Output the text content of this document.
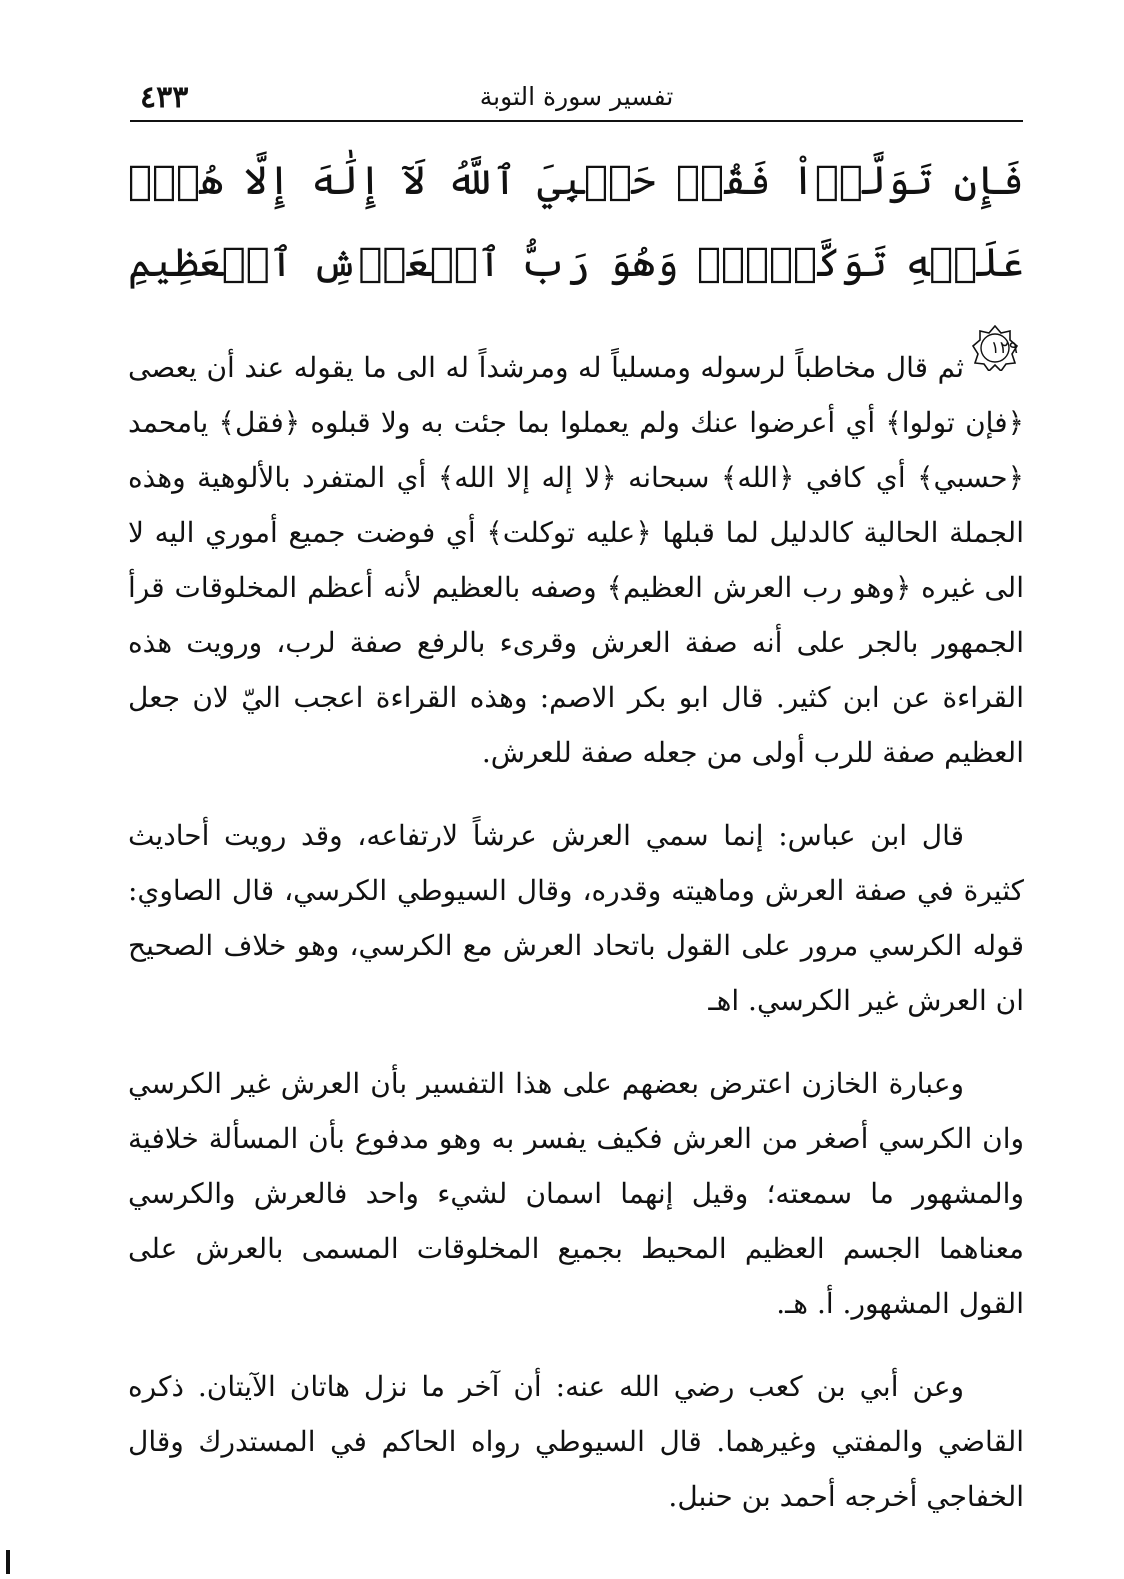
تفسير سورة التوبة
٤٣٣
فَإِن تَوَلَّوۡاْ فَقُلۡ حَسۡبِيَ ٱللَّهُ لَآ إِلَٰهَ إِلَّا هُوَۖ عَلَيۡهِ تَوَكَّلۡتُۖ وَهُوَ رَبُّ ٱلۡعَرۡشِ ٱلۡعَظِيمِ
١٢٩

ثم قال مخاطباً لرسوله ومسلياً له ومرشداً له الى ما يقوله عند أن يعصى ﴿فإن تولوا﴾ أي أعرضوا عنك ولم يعملوا بما جئت به ولا قبلوه ﴿فقل﴾ يامحمد ﴿حسبي﴾ أي كافي ﴿الله﴾ سبحانه ﴿لا إله إلا الله﴾ أي المتفرد بالألوهية وهذه الجملة الحالية كالدليل لما قبلها ﴿عليه توكلت﴾ أي فوضت جميع أموري اليه لا الى غيره ﴿وهو رب العرش العظيم﴾ وصفه بالعظيم لأنه أعظم المخلوقات قرأ الجمهور بالجر على أنه صفة العرش وقرىء بالرفع صفة لرب، ورويت هذه القراءة عن ابن كثير. قال ابو بكر الاصم: وهذه القراءة اعجب اليّ لان جعل العظيم صفة للرب أولى من جعله صفة للعرش.

قال ابن عباس: إنما سمي العرش عرشاً لارتفاعه، وقد رويت أحاديث كثيرة في صفة العرش وماهيته وقدره، وقال السيوطي الكرسي، قال الصاوي: قوله الكرسي مرور على القول باتحاد العرش مع الكرسي، وهو خلاف الصحيح ان العرش غير الكرسي. اهـ

وعبارة الخازن اعترض بعضهم على هذا التفسير بأن العرش غير الكرسي وان الكرسي أصغر من العرش فكيف يفسر به وهو مدفوع بأن المسألة خلافية والمشهور ما سمعته؛ وقيل إنهما اسمان لشيء واحد فالعرش والكرسي معناهما الجسم العظيم المحيط بجميع المخلوقات المسمى بالعرش على القول المشهور. أ. هـ.

وعن أبي بن كعب رضي الله عنه: أن آخر ما نزل هاتان الآيتان. ذكره القاضي والمفتي وغيرهما. قال السيوطي رواه الحاكم في المستدرك وقال الخفاجي أخرجه أحمد بن حنبل.
